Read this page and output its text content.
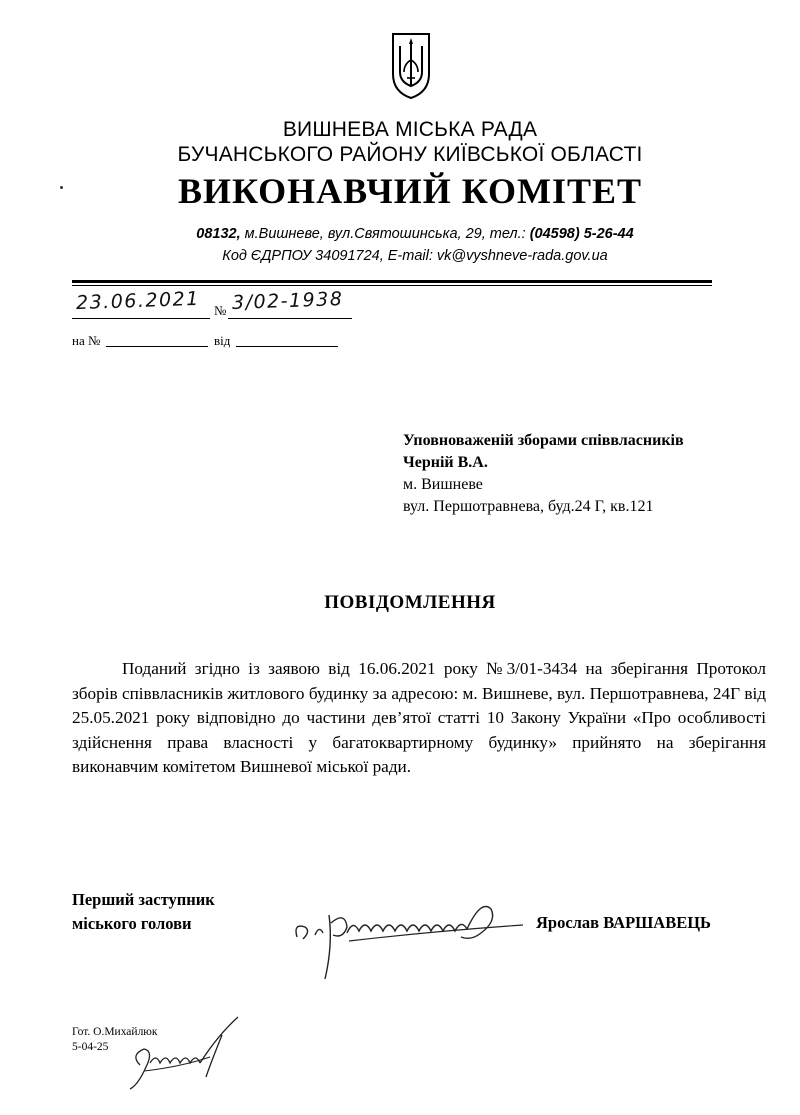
ВИШНЕВА МІСЬКА РАДА
БУЧАНСЬКОГО РАЙОНУ КИЇВСЬКОЇ ОБЛАСТІ
ВИКОНАВЧИЙ КОМІТЕТ
08132, м.Вишневе, вул.Святошинська, 29, тел.: (04598) 5-26-44
Код ЄДРПОУ 34091724, E-mail: vk@vyshneve-rada.gov.ua
23.06.2021 № 3/02-1938
на №	від
Уповноваженій зборами співвласників
Черній В.А.
м. Вишневе
вул. Першотравнева, буд.24 Г, кв.121
ПОВІДОМЛЕННЯ
Поданий згідно із заявою від 16.06.2021 року №3/01-3434 на зберігання Протокол зборів співвласників житлового будинку за адресою: м. Вишневе, вул. Першотравнева, 24Г від 25.05.2021 року відповідно до частини дев’ятої статті 10 Закону України «Про особливості здійснення права власності у багатоквартирному будинку» прийнято на зберігання виконавчим комітетом Вишневої міської ради.
Перший заступник
міського голови	Ярослав ВАРШАВЕЦЬ
Гот. О.Михайлюк
5-04-25
